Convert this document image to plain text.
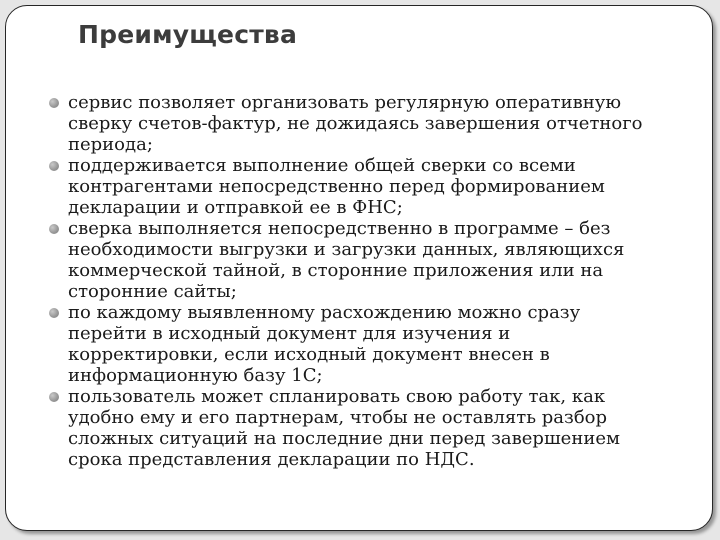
Преимущества
сервис позволяет организовать регулярную оперативную
сверку счетов-фактур, не дожидаясь завершения отчетного
периода;
поддерживается выполнение общей сверки со всеми
контрагентами непосредственно перед формированием
декларации и отправкой ее в ФНС;
сверка выполняется непосредственно в программе – без
необходимости выгрузки и загрузки данных, являющихся
коммерческой тайной, в сторонние приложения или на
сторонние сайты;
по каждому выявленному расхождению можно сразу
перейти в исходный документ для изучения и
корректировки, если исходный документ внесен в
информационную базу 1С;
пользователь может спланировать свою работу так, как
удобно ему и его партнерам, чтобы не оставлять разбор
сложных ситуаций на последние дни перед завершением
срока представления декларации по НДС.
